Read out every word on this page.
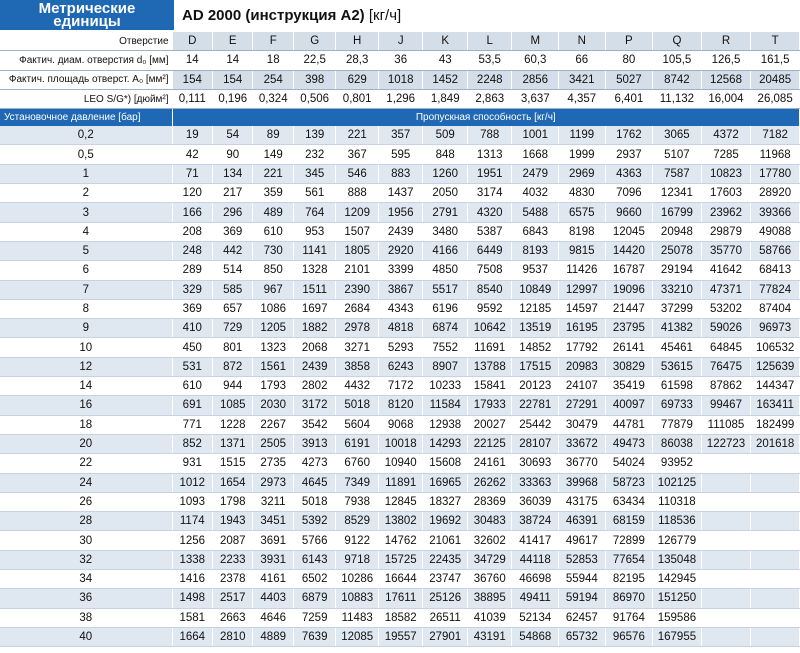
Метрические
единицы	AD 2000 (инструкция A2) [кг/ч]
Отверстие	D	E	F	G	H	J	K	L	M	N	P	Q	R	T
Фактич. диам. отверстия d₀ [мм]	14	14	18	22,5	28,3	36	43	53,5	60,3	66	80	105,5	126,5	161,5
Фактич. площадь отверст. A₀ [мм²]	154	154	254	398	629	1018	1452	2248	2856	3421	5027	8742	12568	20485
LEO S/G*) [дюйм²]	0,111	0,196	0,324	0,506	0,801	1,296	1,849	2,863	3,637	4,357	6,401	11,132	16,004	26,085
Установочное давление [бар]	Пропускная способность [кг/ч]													
0,2	19	54	89	139	221	357	509	788	1001	1199	1762	3065	4372	7182
0,5	42	90	149	232	367	595	848	1313	1668	1999	2937	5107	7285	11968
1	71	134	221	345	546	883	1260	1951	2479	2969	4363	7587	10823	17780
2	120	217	359	561	888	1437	2050	3174	4032	4830	7096	12341	17603	28920
3	166	296	489	764	1209	1956	2791	4320	5488	6575	9660	16799	23962	39366
4	208	369	610	953	1507	2439	3480	5387	6843	8198	12045	20948	29879	49088
5	248	442	730	1141	1805	2920	4166	6449	8193	9815	14420	25078	35770	58766
6	289	514	850	1328	2101	3399	4850	7508	9537	11426	16787	29194	41642	68413
7	329	585	967	1511	2390	3867	5517	8540	10849	12997	19096	33210	47371	77824
8	369	657	1086	1697	2684	4343	6196	9592	12185	14597	21447	37299	53202	87404
9	410	729	1205	1882	2978	4818	6874	10642	13519	16195	23795	41382	59026	96973
10	450	801	1323	2068	3271	5293	7552	11691	14852	17792	26141	45461	64845	106532
12	531	872	1561	2439	3858	6243	8907	13788	17515	20983	30829	53615	76475	125639
14	610	944	1793	2802	4432	7172	10233	15841	20123	24107	35419	61598	87862	144347
16	691	1085	2030	3172	5018	8120	11584	17933	22781	27291	40097	69733	99467	163411
18	771	1228	2267	3542	5604	9068	12938	20027	25442	30479	44781	77879	111085	182499
20	852	1371	2505	3913	6191	10018	14293	22125	28107	33672	49473	86038	122723	201618
22	931	1515	2735	4273	6760	10940	15608	24161	30693	36770	54024	93952		
24	1012	1654	2973	4645	7349	11891	16965	26262	33363	39968	58723	102125		
26	1093	1798	3211	5018	7938	12845	18327	28369	36039	43175	63434	110318		
28	1174	1943	3451	5392	8529	13802	19692	30483	38724	46391	68159	118536		
30	1256	2087	3691	5766	9122	14762	21061	32602	41417	49617	72899	126779		
32	1338	2233	3931	6143	9718	15725	22435	34729	44118	52853	77654	135048		
34	1416	2378	4161	6502	10286	16644	23747	36760	46698	55944	82195	142945		
36	1498	2517	4403	6879	10883	17611	25126	38895	49411	59194	86970	151250		
38	1581	2663	4646	7259	11483	18582	26511	41039	52134	62457	91764	159586		
40	1664	2810	4889	7639	12085	19557	27901	43191	54868	65732	96576	167955		
